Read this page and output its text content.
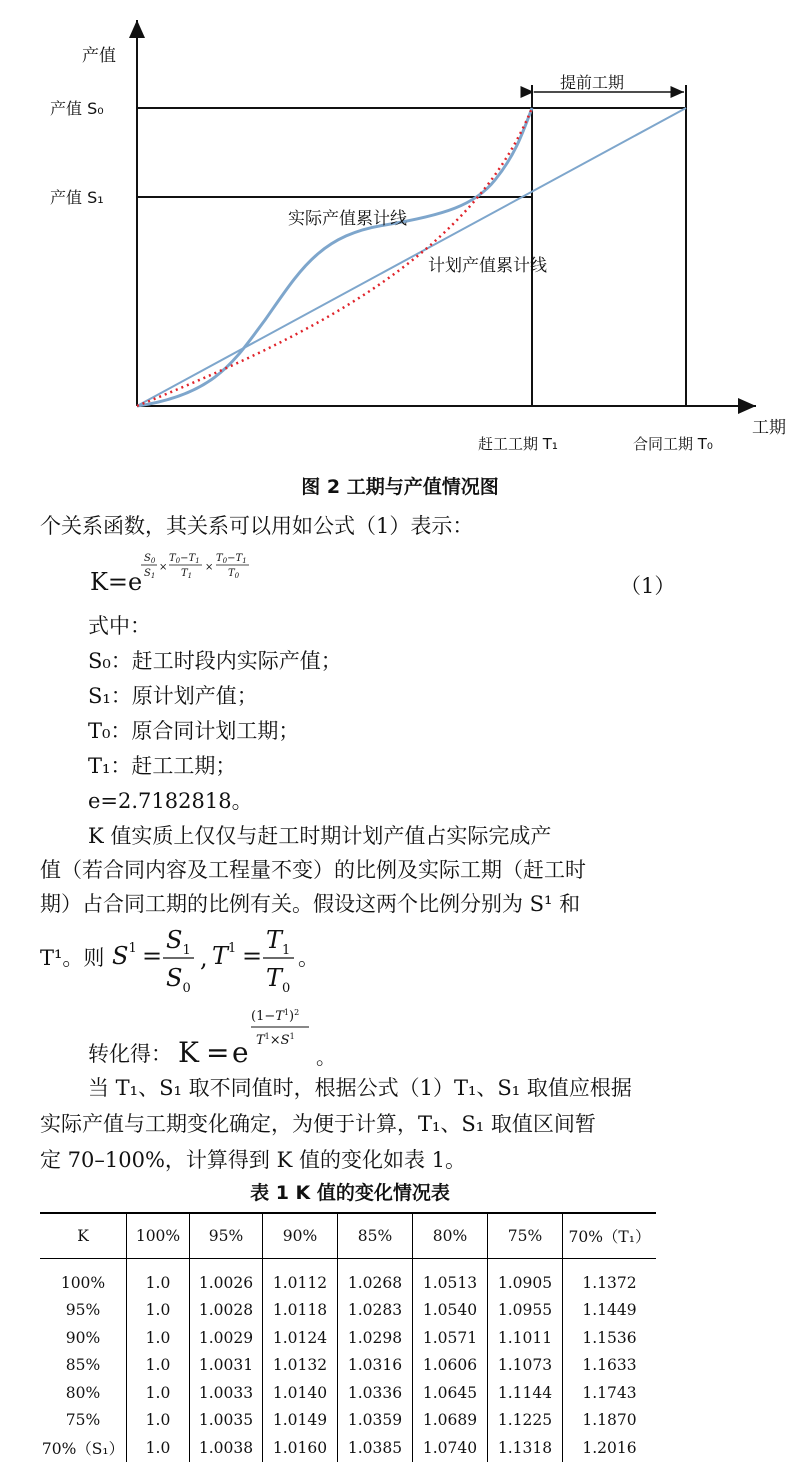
产值
产值 S₀
产值 S₁
提前工期
实际产值累计线
计划产值累计线
赶工工期 T₁	合同工期 T₀
工期
图 2 工期与产值情况图
个关系函数，其关系可以用如公式（1）表示：
K=e
$S_0$
$S_1$
×
$T_0-T_1$
$T_1$
×
$T_0-T_1$
$T_0$	（1）
式中：
S₀：赶工时段内实际产值；
S₁：原计划产值；
T₀：原合同计划工期；
T₁：赶工工期；
e=2.7182818。
K 值实质上仅仅与赶工时期计划产值占实际完成产
值（若合同内容及工程量不变）的比例及实际工期（赶工时
期）占合同工期的比例有关。假设这两个比例分别为 S¹ 和
T¹。则 $S^1$ =
$S_1$
$S_0$
, $T^1$ =
$T_1$
$T_0$
。
转化得： K = e
$(1-T^1)^2$
$T^1\times S^1$
。
当 T₁、S₁ 取不同值时，根据公式（1）T₁、S₁ 取值应根据
实际产值与工期变化确定，为便于计算，T₁、S₁ 取值区间暂
定 70–100%，计算得到 K 值的变化如表 1。
表 1 K 值的变化情况表
K	100%	95%	90%	85%	80%	75%	70%（T₁）
100%	1.0	1.0026	1.0112	1.0268	1.0513	1.0905	1.1372
95%	1.0	1.0028	1.0118	1.0283	1.0540	1.0955	1.1449
90%	1.0	1.0029	1.0124	1.0298	1.0571	1.1011	1.1536
85%	1.0	1.0031	1.0132	1.0316	1.0606	1.1073	1.1633
80%	1.0	1.0033	1.0140	1.0336	1.0645	1.1144	1.1743
75%	1.0	1.0035	1.0149	1.0359	1.0689	1.1225	1.1870
70%（S₁）	1.0	1.0038	1.0160	1.0385	1.0740	1.1318	1.2016
